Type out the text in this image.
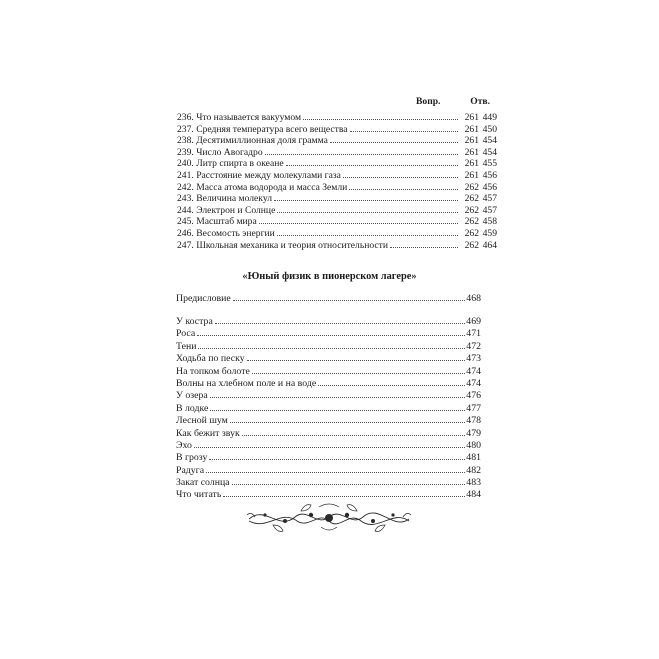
Вопр.	Отв.
236. Что называется вакуумом	261 449
237. Средняя температура всего вещества	261 450
238. Десятимиллионная доля грамма	261 454
239. Число Авогадро	261 454
240. Литр спирта в океане	261 455
241. Расстояние между молекулами газа	261 456
242. Масса атома водорода и масса Земли	262 456
243. Величина молекул	262 457
244. Электрон и Солнце	262 457
245. Масштаб мира	262 458
246. Весомость энергии	262 459
247. Школьная механика и теория относительности	262 464
«Юный физик в пионерском лагере»
Предисловие	468
У костра	469
Роса	471
Тени	472
Ходьба по песку	473
На топком болоте	474
Волны на хлебном поле и на воде	474
У озера	476
В лодке	477
Лесной шум	478
Как бежит звук	479
Эхо	480
В грозу	481
Радуга	482
Закат солнца	483
Что читать	484
